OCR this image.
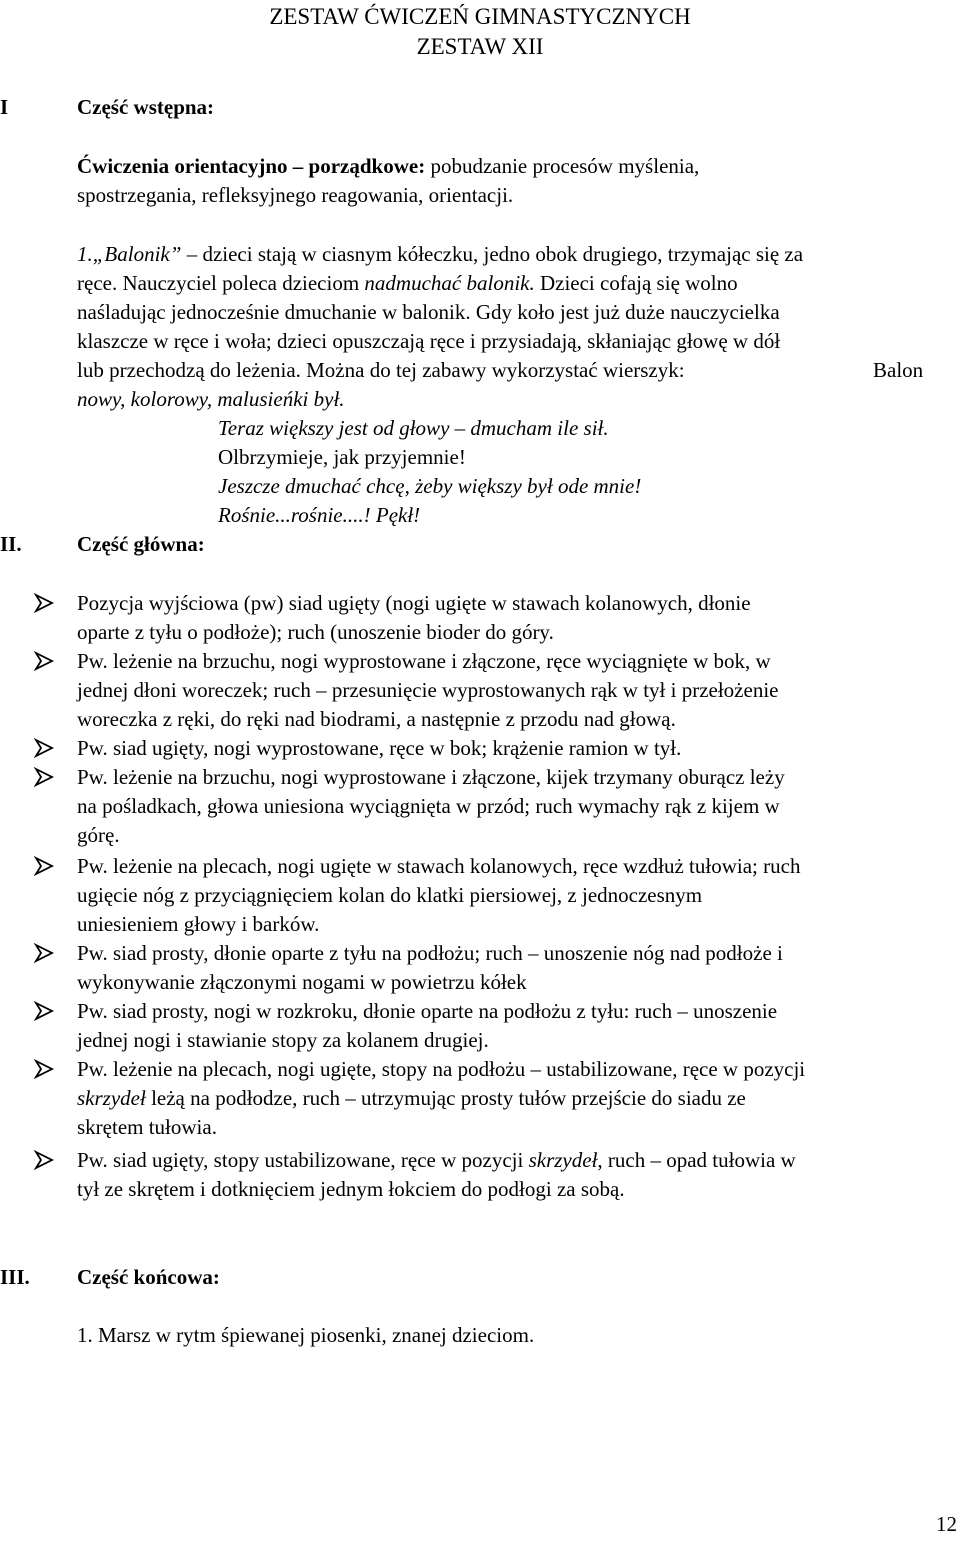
ZESTAW ĆWICZEŃ GIMNASTYCZNYCH
ZESTAW XII
I	Część wstępna:
Ćwiczenia orientacyjno – porządkowe: pobudzanie procesów myślenia,
spostrzegania, refleksyjnego reagowania, orientacji.
1.„Balonik” – dzieci stają w ciasnym kółeczku, jedno obok drugiego, trzymając się za
ręce. Nauczyciel poleca dzieciom nadmuchać balonik. Dzieci cofają się wolno
naśladując jednocześnie dmuchanie w balonik. Gdy koło jest już duże nauczycielka
klaszcze w ręce i woła; dzieci opuszczają ręce i przysiadają, skłaniając głowę w dół
lub przechodzą do leżenia. Można do tej zabawy wykorzystać wierszyk:	Balon
nowy, kolorowy, malusieńki był.
Teraz większy jest od głowy – dmucham ile sił.
Olbrzymieje, jak przyjemnie!
Jeszcze dmuchać chcę, żeby większy był ode mnie!
Rośnie...rośnie....! Pękł!
II.	Część główna:
Pozycja wyjściowa (pw) siad ugięty (nogi ugięte w stawach kolanowych, dłonie
oparte z tyłu o podłoże); ruch (unoszenie bioder do góry.
Pw. leżenie na brzuchu, nogi wyprostowane i złączone, ręce wyciągnięte w bok, w
jednej dłoni woreczek; ruch – przesunięcie wyprostowanych rąk w tył i przełożenie
woreczka z ręki, do ręki nad biodrami, a następnie z przodu nad głową.
Pw. siad ugięty, nogi wyprostowane, ręce w bok; krążenie ramion w tył.
Pw. leżenie na brzuchu, nogi wyprostowane i złączone, kijek trzymany oburącz leży
na pośladkach, głowa uniesiona wyciągnięta w przód; ruch wymachy rąk z kijem w
górę.
Pw. leżenie na plecach, nogi ugięte w stawach kolanowych, ręce wzdłuż tułowia; ruch
ugięcie nóg z przyciągnięciem kolan do klatki piersiowej, z jednoczesnym
uniesieniem głowy i barków.
Pw. siad prosty, dłonie oparte z tyłu na podłożu; ruch – unoszenie nóg nad podłoże i
wykonywanie złączonymi nogami w powietrzu kółek
Pw. siad prosty, nogi w rozkroku, dłonie oparte na podłożu z tyłu: ruch – unoszenie
jednej nogi i stawianie stopy za kolanem drugiej.
Pw. leżenie na plecach, nogi ugięte, stopy na podłożu – ustabilizowane, ręce w pozycji
skrzydeł leżą na podłodze, ruch – utrzymując prosty tułów przejście do siadu ze
skrętem tułowia.
Pw. siad ugięty, stopy ustabilizowane, ręce w pozycji skrzydeł, ruch – opad tułowia w
tył ze skrętem i dotknięciem jednym łokciem do podłogi za sobą.
III. Część końcowa:
1. Marsz w rytm śpiewanej piosenki, znanej dzieciom.
12
